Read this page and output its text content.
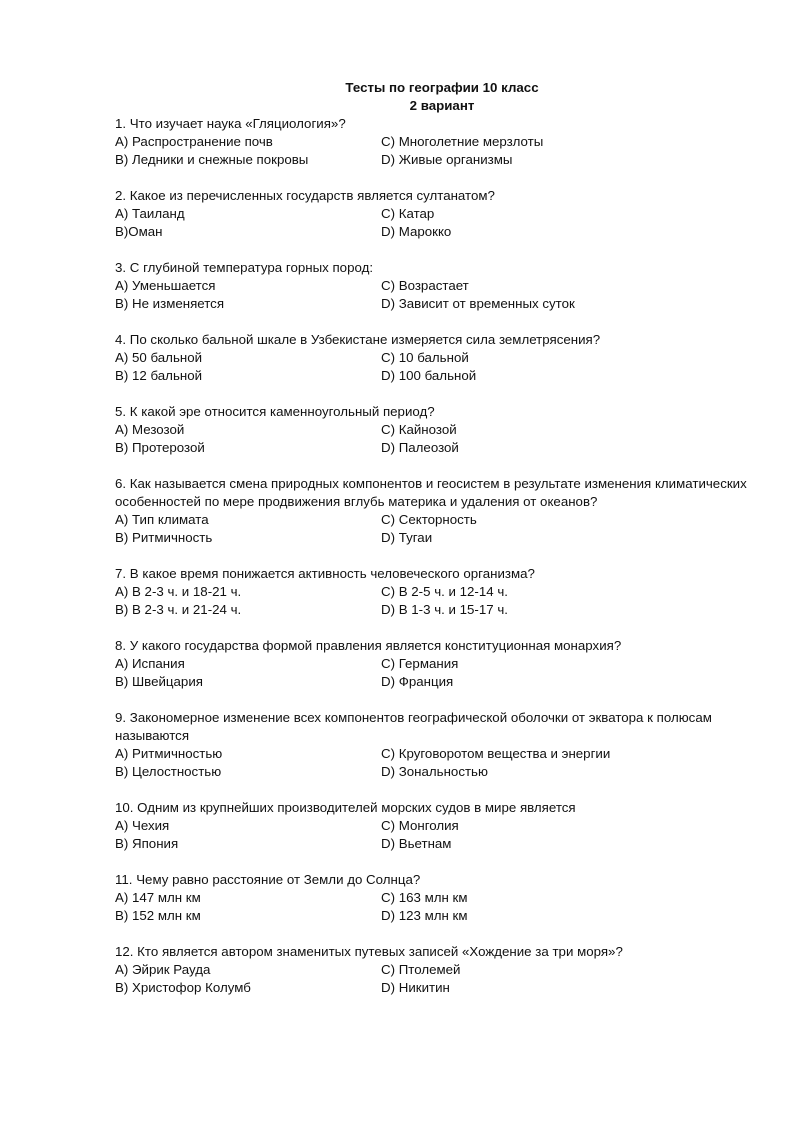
Тесты по географии 10 класс
2 вариант
1. Что изучает наука «Гляциология»?
A) Распространение почв	C) Многолетние мерзлоты
B) Ледники и снежные покровы	D) Живые организмы
2. Какое из перечисленных государств является султанатом?
A) Таиланд	C) Катар
B)Оман	D) Марокко
3. С глубиной температура горных пород:
A) Уменьшается	C) Возрастает
B) Не изменяется	D) Зависит от временных суток
4. По сколько бальной шкале в Узбекистане измеряется сила землетрясения?
A) 50 бальной	C) 10 бальной
B) 12 бальной	D) 100 бальной
5. К какой эре относится каменноугольный период?
A) Мезозой	C) Кайнозой
B) Протерозой	D) Палеозой
6. Как называется смена природных компонентов и геосистем в результате изменения климатических особенностей по мере продвижения вглубь материка и удаления от океанов?
A) Тип климата	C) Секторность
B) Ритмичность	D) Тугаи
7. В какое время понижается активность человеческого организма?
A) В 2-3 ч. и 18-21 ч.	C) В 2-5 ч. и 12-14 ч.
B) В 2-3 ч. и 21-24 ч.	D) В 1-3 ч. и 15-17 ч.
8. У какого государства формой правления является конституционная монархия?
A) Испания	C) Германия
B) Швейцария	D) Франция
9. Закономерное изменение всех компонентов географической оболочки от экватора к полюсам называются
A) Ритмичностью	C) Круговоротом вещества и энергии
B) Целостностью	D) Зональностью
10. Одним из крупнейших производителей морских судов в мире является
A) Чехия	C) Монголия
B) Япония	D) Вьетнам
11. Чему равно расстояние от Земли до Солнца?
A) 147 млн км	C) 163 млн км
B) 152 млн км	D) 123 млн км
12. Кто является автором знаменитых путевых записей «Хождение за три моря»?
A) Эйрик Рауда	C) Птолемей
B) Христофор Колумб	D) Никитин
